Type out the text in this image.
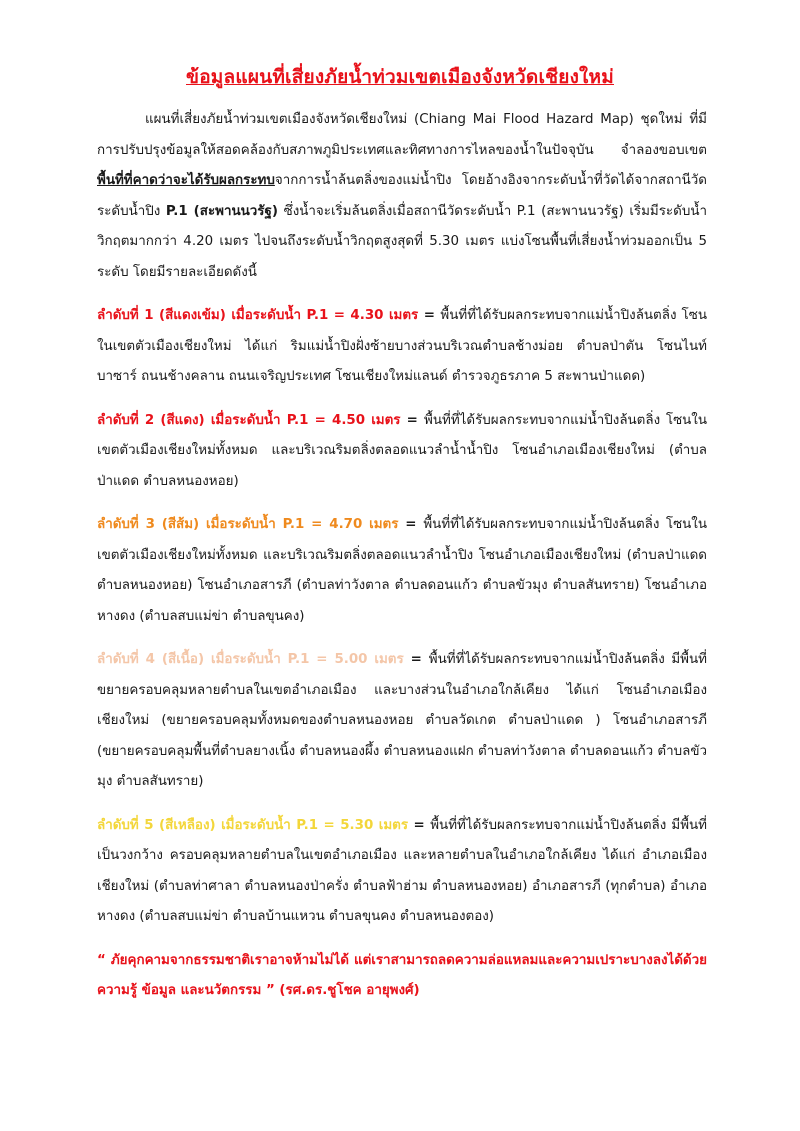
ข้อมูลแผนที่เสี่ยงภัยน้ำท่วมเขตเมืองจังหวัดเชียงใหม่

แผนที่เสี่ยงภัยน้ำท่วมเขตเมืองจังหวัดเชียงใหม่ (Chiang Mai Flood Hazard Map) ชุดใหม่ ที่มีการปรับปรุงข้อมูลให้สอดคล้องกับสภาพภูมิประเทศและทิศทางการไหลของน้ำในปัจจุบัน จำลองขอบเขตพื้นที่ที่คาดว่าจะได้รับผลกระทบจากการน้ำล้นตลิ่งของแม่น้ำปิง โดยอ้างอิงจากระดับน้ำที่วัดได้จากสถานีวัดระดับน้ำปิง P.1 (สะพานนวรัฐ) ซึ่งน้ำจะเริ่มล้นตลิ่งเมื่อสถานีวัดระดับน้ำ P.1 (สะพานนวรัฐ) เริ่มมีระดับน้ำวิกฤตมากกว่า 4.20 เมตร ไปจนถึงระดับน้ำวิกฤตสูงสุดที่ 5.30 เมตร แบ่งโซนพื้นที่เสี่ยงน้ำท่วมออกเป็น 5 ระดับ โดยมีรายละเอียดดังนี้

ลำดับที่ 1 (สีแดงเข้ม) เมื่อระดับน้ำ P.1 = 4.30 เมตร = พื้นที่ที่ได้รับผลกระทบจากแม่น้ำปิงล้นตลิ่ง โซนในเขตตัวเมืองเชียงใหม่ ได้แก่ ริมแม่น้ำปิงฝั่งซ้ายบางส่วนบริเวณตำบลช้างม่อย ตำบลป่าตัน โซนไนท์บาซาร์ ถนนช้างคลาน ถนนเจริญประเทศ โซนเชียงใหม่แลนด์ ตำรวจภูธรภาค 5 สะพานป่าแดด)

ลำดับที่ 2 (สีแดง) เมื่อระดับน้ำ P.1 = 4.50 เมตร = พื้นที่ที่ได้รับผลกระทบจากแม่น้ำปิงล้นตลิ่ง โซนในเขตตัวเมืองเชียงใหม่ทั้งหมด และบริเวณริมตลิ่งตลอดแนวลำน้ำน้ำปิง โซนอำเภอเมืองเชียงใหม่ (ตำบลป่าแดด ตำบลหนองหอย)

ลำดับที่ 3 (สีส้ม) เมื่อระดับน้ำ P.1 = 4.70 เมตร = พื้นที่ที่ได้รับผลกระทบจากแม่น้ำปิงล้นตลิ่ง โซนในเขตตัวเมืองเชียงใหม่ทั้งหมด และบริเวณริมตลิ่งตลอดแนวลำน้ำปิง โซนอำเภอเมืองเชียงใหม่ (ตำบลป่าแดด ตำบลหนองหอย) โซนอำเภอสารภี (ตำบลท่าวังตาล ตำบลดอนแก้ว ตำบลขัวมุง ตำบลสันทราย) โซนอำเภอหางดง (ตำบลสบแม่ข่า ตำบลขุนคง)

ลำดับที่ 4 (สีเนื้อ) เมื่อระดับน้ำ P.1 = 5.00 เมตร = พื้นที่ที่ได้รับผลกระทบจากแม่น้ำปิงล้นตลิ่ง มีพื้นที่ขยายครอบคลุมหลายตำบลในเขตอำเภอเมือง และบางส่วนในอำเภอใกล้เคียง ได้แก่ โซนอำเภอเมืองเชียงใหม่ (ขยายครอบคลุมทั้งหมดของตำบลหนองหอย ตำบลวัดเกต ตำบลป่าแดด ) โซนอำเภอสารภี (ขยายครอบคลุมพื้นที่ตำบลยางเนิ้ง ตำบลหนองผึ้ง ตำบลหนองแฝก ตำบลท่าวังตาล ตำบลดอนแก้ว ตำบลขัวมุง ตำบลสันทราย)

ลำดับที่ 5 (สีเหลือง) เมื่อระดับน้ำ P.1 = 5.30 เมตร = พื้นที่ที่ได้รับผลกระทบจากแม่น้ำปิงล้นตลิ่ง มีพื้นที่เป็นวงกว้าง ครอบคลุมหลายตำบลในเขตอำเภอเมือง และหลายตำบลในอำเภอใกล้เคียง ได้แก่ อำเภอเมืองเชียงใหม่ (ตำบลท่าศาลา ตำบลหนองป่าครั่ง ตำบลฟ้าฮ่าม ตำบลหนองหอย) อำเภอสารภี (ทุกตำบล) อำเภอหางดง (ตำบลสบแม่ข่า ตำบลบ้านแหวน ตำบลขุนคง ตำบลหนองตอง)

“ ภัยคุกคามจากธรรมชาติเราอาจห้ามไม่ได้ แต่เราสามารถลดความล่อแหลมและความเปราะบางลงได้ด้วยความรู้ ข้อมูล และนวัตกรรม ” (รศ.ดร.ชูโชค อายุพงศ์)
